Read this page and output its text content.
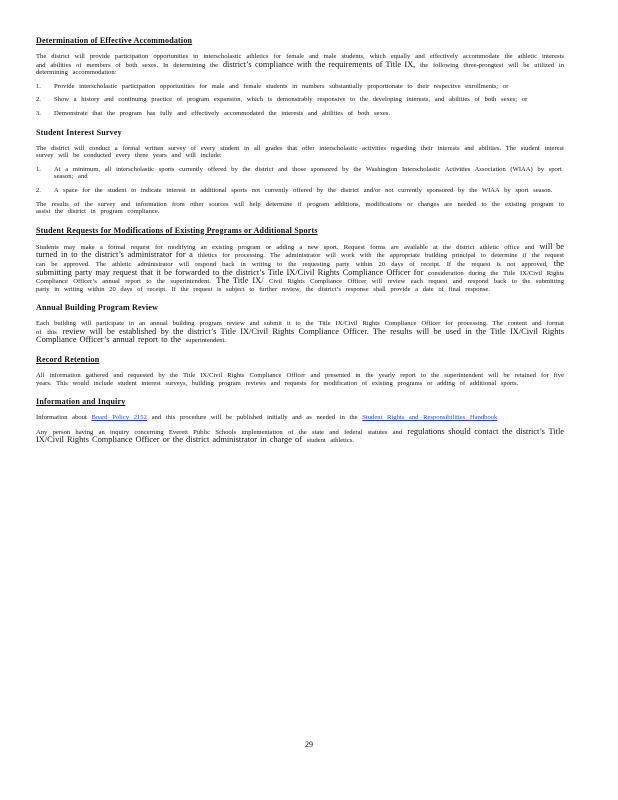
Determination of Effective Accommodation

The district will provide participation opportunities in interscholastic athletics for female and male students, which equally and effectively accommodate the athletic interests and abilities of members of both sexes. In determining the district’s compliance with the requirements of Title IX, the following three-prongtest will be utilized in determining accommodation:

1. Provide interscholastic participation opportunities for male and female students in numbers substantially proportionate to their respective enrollments; or
2. Show a history and continuing practice of program expansion, which is demonstrably responsive to the developing interests, and abilities of both sexes; or
3. Demonstrate that the program has fully and effectively accommodated the interests and abilities of both sexes.
Student Interest Survey

The district will conduct a formal written survey of every student in all grades that offer interscholastic activities regarding their interests and abilities. The student interest survey will be conducted every three years and will include:

1. At a minimum, all interscholastic sports currently offered by the district and those sponsored by the Washington Interscholastic Activities Association (WIAA) by sport season; and
2. A space for the student to indicate interest in additional sports not currently offered by the district and/or not currently sponsored by the WIAA by sport season.

The results of the survey and information from other sources will help determine if program additions, modifications or changes are needed to the existing program to assist the district in program compliance.

Student Requests for Modifications of Existing Programs or Additional Sports

Students may make a formal request for modifying an existing program or adding a new sport. Request forms are available at the district athletic office and will be turned in to the district’s administrator for a thletics for processing. The administrator will work with the appropriate building principal to determine if the request can be approved. The athletic administrator will respond back in writing to the requesting party within 20 days of receipt. If the request is not approved, the submitting party may request that it be forwarded to the district’s Title IX/Civil Rights Compliance Officer for consideration during the Title IX/Civil Rights Compliance Officer’s annual report to the superintendent. The Title IX/ Civil Rights Compliance Officer will review each request and respond back to the submitting party in writing within 20 days of receipt. If the request is subject to further review, the district’s response shall provide a date of final response.

Annual Building Program Review

Each building will participate in an annual building program review and submit it to the Title IX/Civil Rights Compliance Officer for processing. The content and format of this review will be established by the district’s Title IX/Civil Rights Compliance Officer. The results will be used in the Title IX/Civil Rights Compliance Officer’s annual report to the superintendent.

Record Retention

All information gathered and requested by the Title IX/Civil Rights Compliance Officer and presented in the yearly report to the superintendent will be retained for five years. This would include student interest surveys, building program reviews and requests for modification of existing programs or adding of additional sports.

Information and Inquiry

Information about Board Policy 2152 and this procedure will be published initially and as needed in the Student Rights and Responsibilities Handbook

Any person having an inquiry concerning Everett Public Schools implementation of the state and federal statutes and regulations should contact the district’s Title IX/Civil Rights Compliance Officer or the district administrator in charge of student athletics.

29
